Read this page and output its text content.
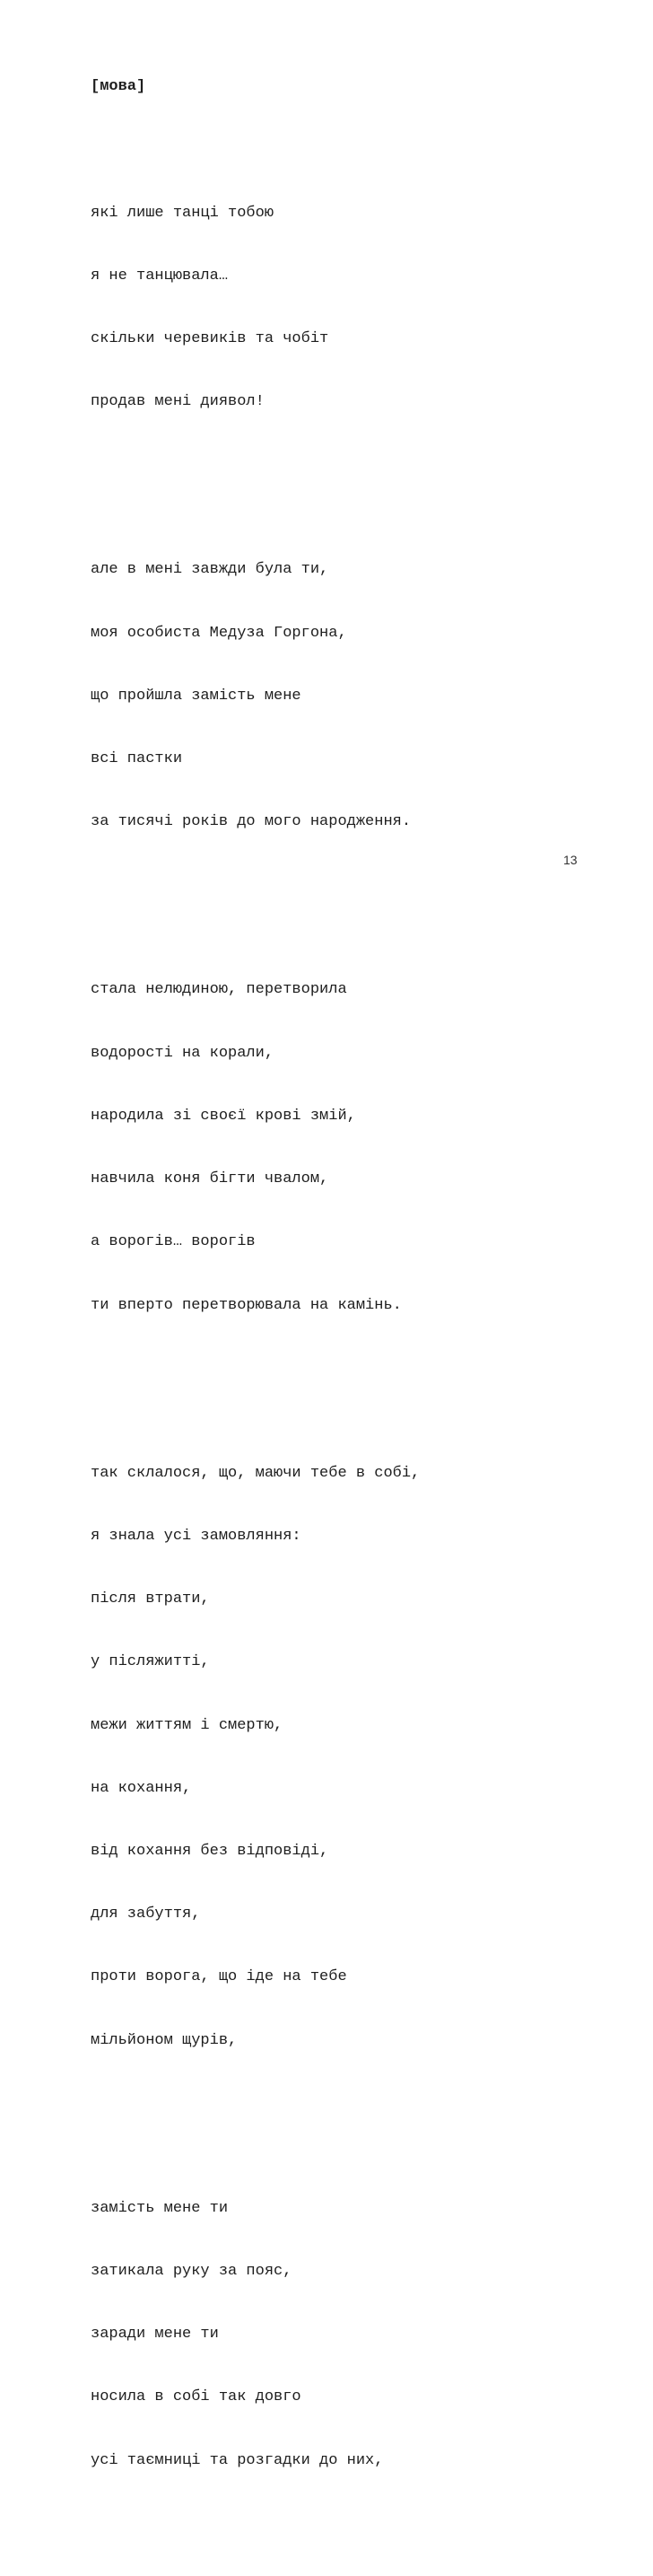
[мова]

які лише танці тобою

я не танцювала…

скільки черевиків та чобіт

продав мені диявол!

але в мені завжди була ти,

моя особиста Медуза Горгона,

що пройшла замість мене

всі пастки

за тисячі років до мого народження.

стала нелюдиною, перетворила

водорості на корали,

народила зі своєї крові змій,

навчила коня бігти чвалом,

а ворогів… ворогів

ти вперто перетворювала на камінь.

так склалося, що, маючи тебе в собі,

я знала усі замовляння:

після втрати,

у післяжитті,

межи життям і смертю,

на кохання,

від кохання без відповіді,

для забуття,

проти ворога, що іде на тебе

мільйоном щурів,

замість мене ти

затикала руку за пояс,

заради мене ти

носила в собі так довго

усі таємниці та розгадки до них,

13
